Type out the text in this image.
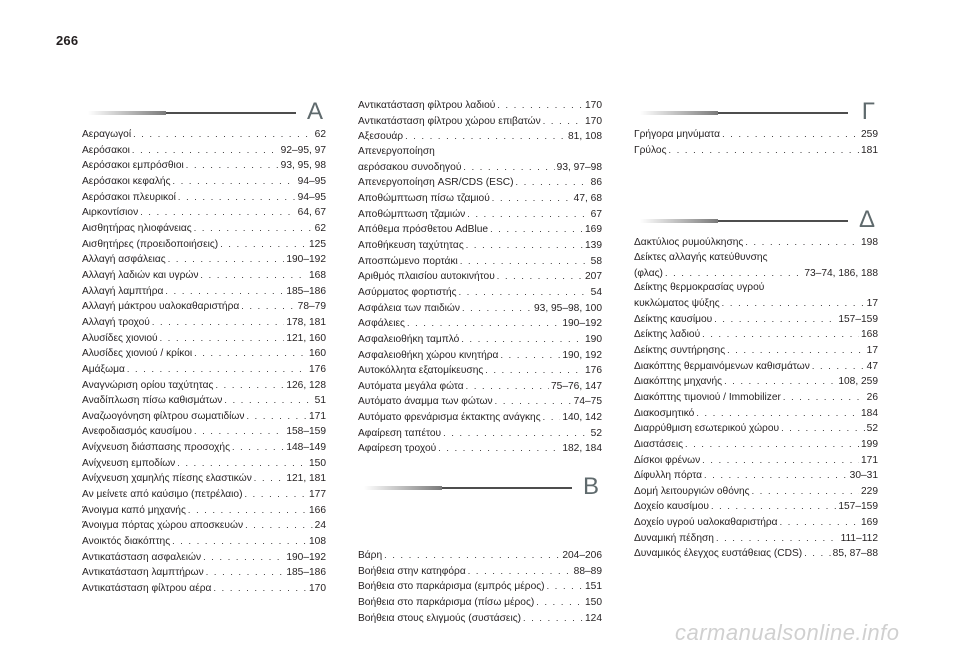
266
Α
Αεραγωγοί . . .	62
Αερόσακοι . . .	92–95, 97
Αερόσακοι εμπρόσθιοι . . .	93, 95, 98
Αερόσακοι κεφαλής . . .	94–95
Αερόσακοι πλευρικοί . . .	94–95
Αιρκοντίσιον . . .	64, 67
Αισθητήρας ηλιοφάνειας . . .	62
Αισθητήρες (προειδοποιήσεις) . . .	125
Αλλαγή ασφάλειας . . .	190–192
Αλλαγή λαδιών και υγρών . . .	168
Αλλαγή λαμπτήρα . . .	185–186
Αλλαγή μάκτρου υαλοκαθαριστήρα . . .	78–79
Αλλαγή τροχού . . .	178, 181
Αλυσίδες χιονιού . . .	121, 160
Αλυσίδες χιονιού / κρίκοι . . .	160
Αμάξωμα . . .	176
Αναγνώριση ορίου ταχύτητας . . .	126, 128
Αναδίπλωση πίσω καθισμάτων . . .	51
Αναζωογόνηση φίλτρου σωματιδίων . . .	171
Ανεφοδιασμός καυσίμου . . .	158–159
Ανίχνευση διάσπασης προσοχής . . .	148–149
Ανίχνευση εμποδίων . . .	150
Ανίχνευση χαμηλής πίεσης ελαστικών . . .	121, 181
Αν μείνετε από καύσιμο (πετρέλαιο) . . .	177
Άνοιγμα καπό μηχανής . . .	166
Άνοιγμα πόρτας χώρου αποσκευών . . .	24
Ανοικτός διακόπτης . . .	108
Αντικατάσταση ασφαλειών . . .	190–192
Αντικατάσταση λαμπτήρων . . .	185–186
Αντικατάσταση φίλτρου αέρα . . .	170
Αντικατάσταση φίλτρου λαδιού . . .	170
Αντικατάσταση φίλτρου χώρου επιβατών . . .	170
Αξεσουάρ . . .	81, 108
Απενεργοποίηση
αερόσακου συνοδηγού . . .	93, 97–98
Απενεργοποίηση ASR/CDS (ESC) . . .	86
Αποθώμπτωση πίσω τζαμιού . . .	47, 68
Αποθώμπτωση τζαμιών . . .	67
Απόθεμα πρόσθετου AdBlue . . .	169
Αποθήκευση ταχύτητας . . .	139
Αποσπώμενο πορτάκι . . .	58
Αριθμός πλαισίου αυτοκινήτου . . .	207
Ασύρματος φορτιστής . . .	54
Ασφάλεια των παιδιών . . .	93, 95–98, 100
Ασφάλειες . . .	190–192
Ασφαλειοθήκη ταμπλό . . .	190
Ασφαλειοθήκη χώρου κινητήρα . . .	190, 192
Αυτοκόλλητα εξατομίκευσης . . .	176
Αυτόματα μεγάλα φώτα . . .	75–76, 147
Αυτόματο άναμμα των φώτων . . .	74–75
Αυτόματο φρενάρισμα έκτακτης ανάγκης . . . 140, 142
Αφαίρεση ταπέτου . . .	52
Αφαίρεση τροχού . . .	182, 184
Β
Βάρη . . .	204–206
Βοήθεια στην κατηφόρα . . .	88–89
Βοήθεια στο παρκάρισμα (εμπρός μέρος) . . .	151
Βοήθεια στο παρκάρισμα (πίσω μέρος) . . .	150
Βοήθεια στους ελιγμούς (συστάσεις) . . .	124
Γ
Γρήγορα μηνύματα . . .	259
Γρύλος . . .	181
Δ
Δακτύλιος ρυμούλκησης . . .	198
Δείκτες αλλαγής κατεύθυνσης
(φλας) . . .	73–74, 186, 188
Δείκτης θερμοκρασίας υγρού
κυκλώματος ψύξης . . .	17
Δείκτης καυσίμου . . .	157–159
Δείκτης λαδιού . . .	168
Δείκτης συντήρησης . . .	17
Διακόπτης θερμαινόμενων καθισμάτων . . .	47
Διακόπτης μηχανής . . .	108, 259
Διακόπτης τιμονιού / Immobilizer . . .	26
Διακοσμητικό . . .	184
Διαρρύθμιση εσωτερικού χώρου . . .	52
Διαστάσεις . . .	199
Δίσκοι φρένων . . .	171
Δίφυλλη πόρτα . . .	30–31
Δομή λειτουργιών οθόνης . . .	229
Δοχείο καυσίμου . . .	157–159
Δοχείο υγρού υαλοκαθαριστήρα . . .	169
Δυναμική πέδηση . . .	111–112
Δυναμικός έλεγχος ευστάθειας (CDS) . . .	85, 87–88
carmanualsonline.info
